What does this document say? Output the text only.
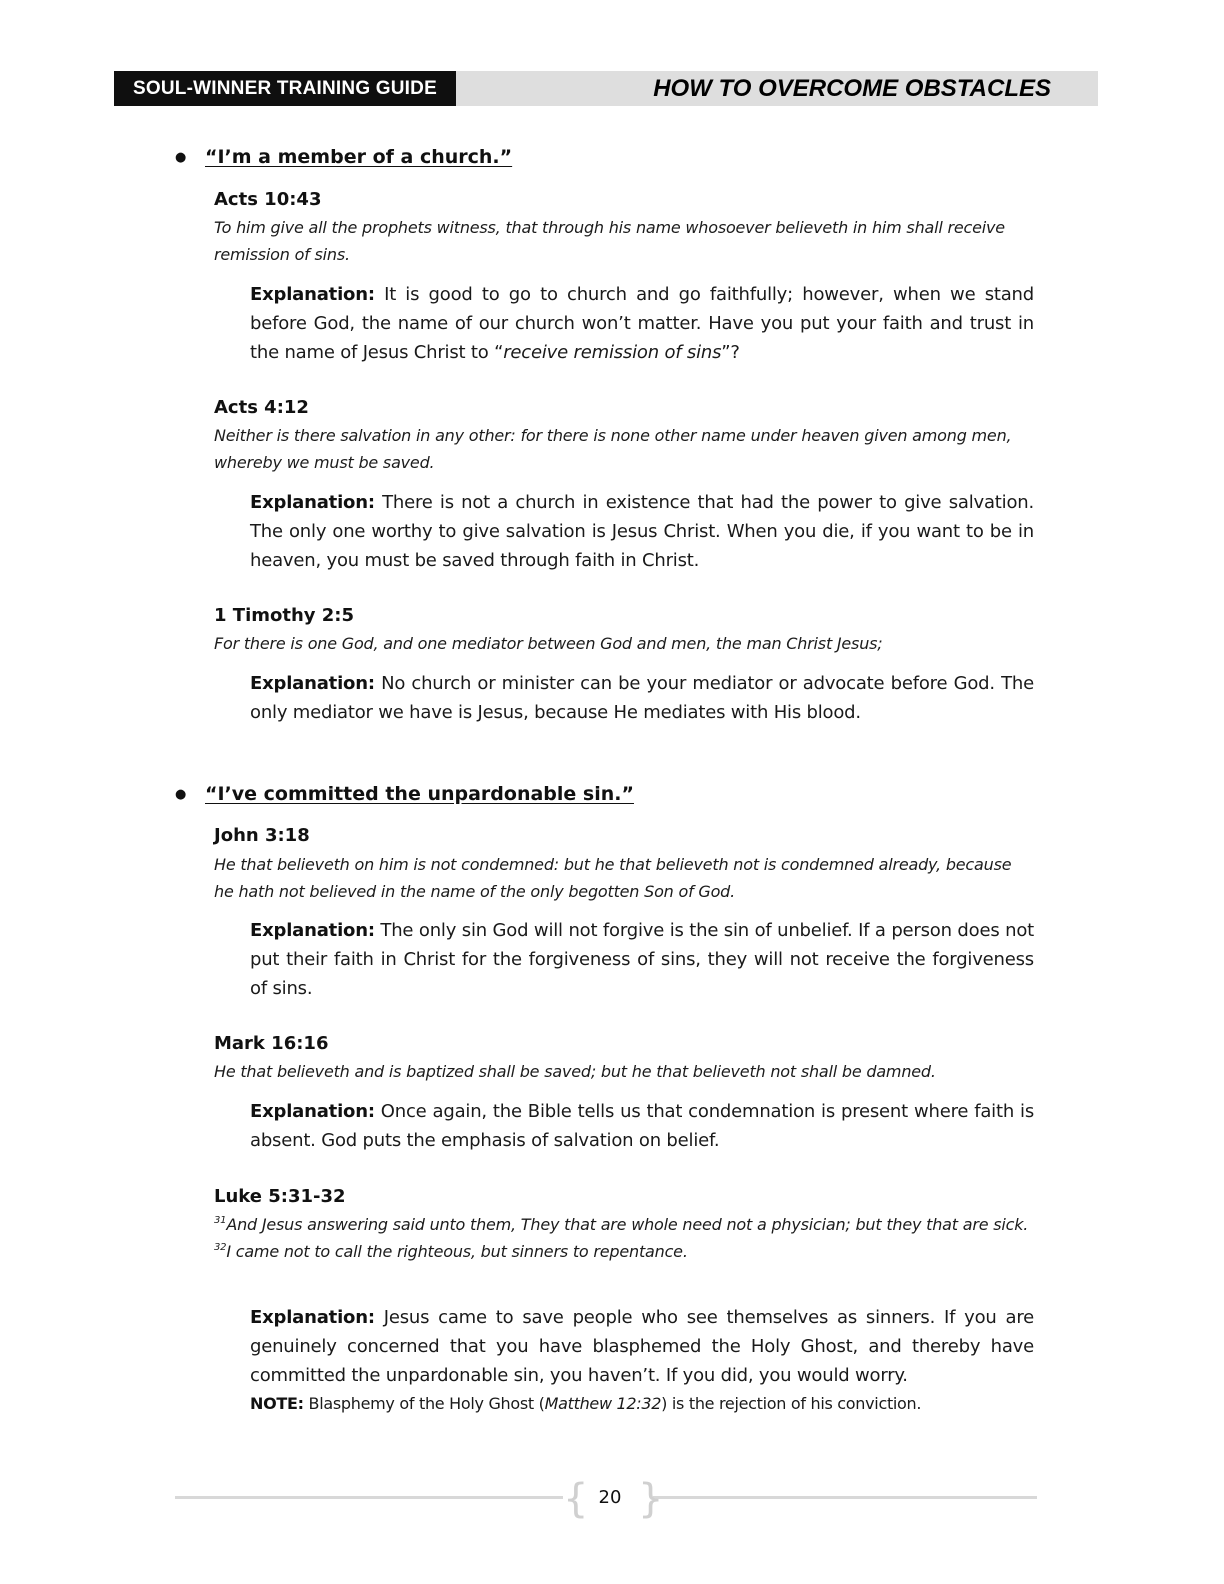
SOUL-WINNER TRAINING GUIDE	HOW TO OVERCOME OBSTACLES
● “I’m a member of a church.”
Acts 10:43
To him give all the prophets witness, that through his name whosoever believeth in him shall receive remission of sins.
Explanation: It is good to go to church and go faithfully; however, when we stand before God, the name of our church won’t matter. Have you put your faith and trust in the name of Jesus Christ to “receive remission of sins”?
Acts 4:12
Neither is there salvation in any other: for there is none other name under heaven given among men, whereby we must be saved.
Explanation: There is not a church in existence that had the power to give salvation. The only one worthy to give salvation is Jesus Christ. When you die, if you want to be in heaven, you must be saved through faith in Christ.
1 Timothy 2:5
For there is one God, and one mediator between God and men, the man Christ Jesus;
Explanation: No church or minister can be your mediator or advocate before God. The only mediator we have is Jesus, because He mediates with His blood.
● “I’ve committed the unpardonable sin.”
John 3:18
He that believeth on him is not condemned: but he that believeth not is condemned already, because he hath not believed in the name of the only begotten Son of God.
Explanation: The only sin God will not forgive is the sin of unbelief. If a person does not put their faith in Christ for the forgiveness of sins, they will not receive the forgiveness of sins.
Mark 16:16
He that believeth and is baptized shall be saved; but he that believeth not shall be damned.
Explanation: Once again, the Bible tells us that condemnation is present where faith is absent. God puts the emphasis of salvation on belief.
Luke 5:31-32
$^{31}$And Jesus answering said unto them, They that are whole need not a physician; but they that are sick.
$^{32}$I came not to call the righteous, but sinners to repentance.
Explanation: Jesus came to save people who see themselves as sinners. If you are genuinely concerned that you have blasphemed the Holy Ghost, and thereby have committed the unpardonable sin, you haven’t. If you did, you would worry.
NOTE: Blasphemy of the Holy Ghost (Matthew 12:32) is the rejection of his conviction.
{ 20 }
